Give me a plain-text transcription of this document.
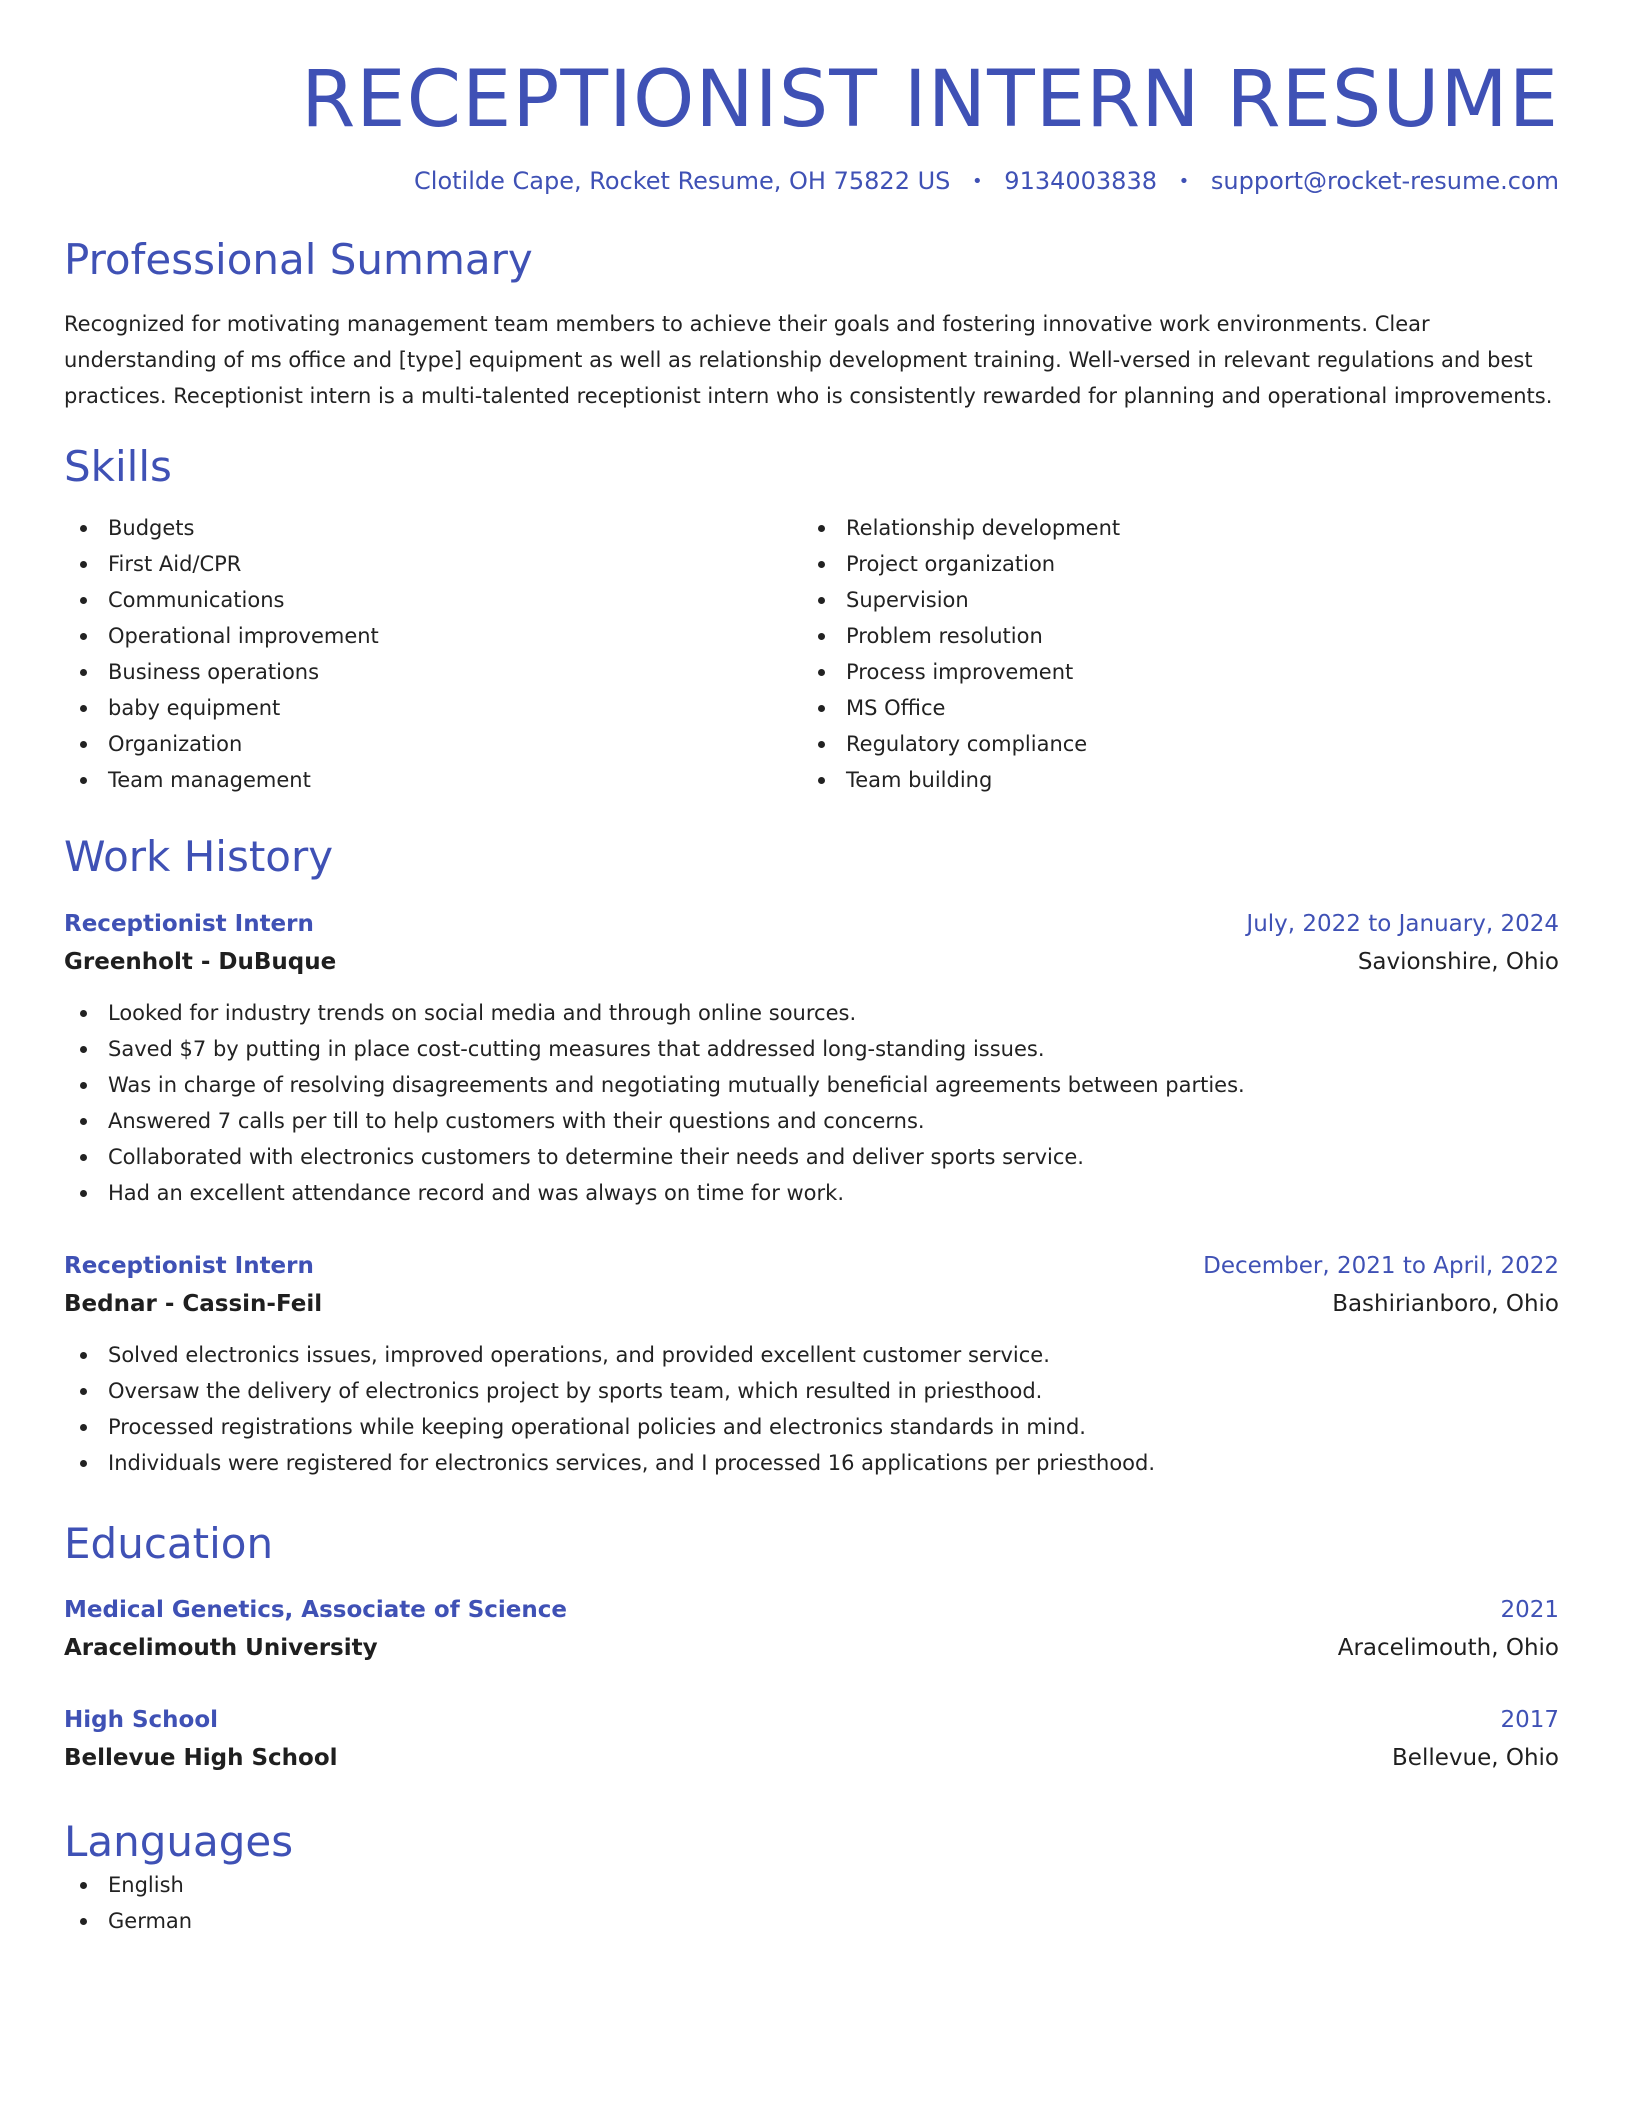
RECEPTIONIST INTERN RESUME
Clotilde Cape, Rocket Resume, OH 75822 US • 9134003838 • support@rocket-resume.com
Professional Summary

Recognized for motivating management team members to achieve their goals and fostering innovative work environments. Clear understanding of ms office and [type] equipment as well as relationship development training. Well-versed in relevant regulations and best practices. Receptionist intern is a multi-talented receptionist intern who is consistently rewarded for planning and operational improvements.

Skills
Budgets
First Aid/CPR
Communications
Operational improvement
Business operations
baby equipment
Organization
Team management
Relationship development
Project organization
Supervision
Problem resolution
Process improvement
MS Office
Regulatory compliance
Team building
Work History
Receptionist Intern	July, 2022 to January, 2024
Greenholt - DuBuque	Savionshire, Ohio
Looked for industry trends on social media and through online sources.
Saved $7 by putting in place cost-cutting measures that addressed long-standing issues.
Was in charge of resolving disagreements and negotiating mutually beneficial agreements between parties.
Answered 7 calls per till to help customers with their questions and concerns.
Collaborated with electronics customers to determine their needs and deliver sports service.
Had an excellent attendance record and was always on time for work.
Receptionist Intern	December, 2021 to April, 2022
Bednar - Cassin-Feil	Bashirianboro, Ohio
Solved electronics issues, improved operations, and provided excellent customer service.
Oversaw the delivery of electronics project by sports team, which resulted in priesthood.
Processed registrations while keeping operational policies and electronics standards in mind.
Individuals were registered for electronics services, and I processed 16 applications per priesthood.
Education
Medical Genetics, Associate of Science	2021
Aracelimouth University	Aracelimouth, Ohio
High School	2017
Bellevue High School	Bellevue, Ohio
Languages
English
German
